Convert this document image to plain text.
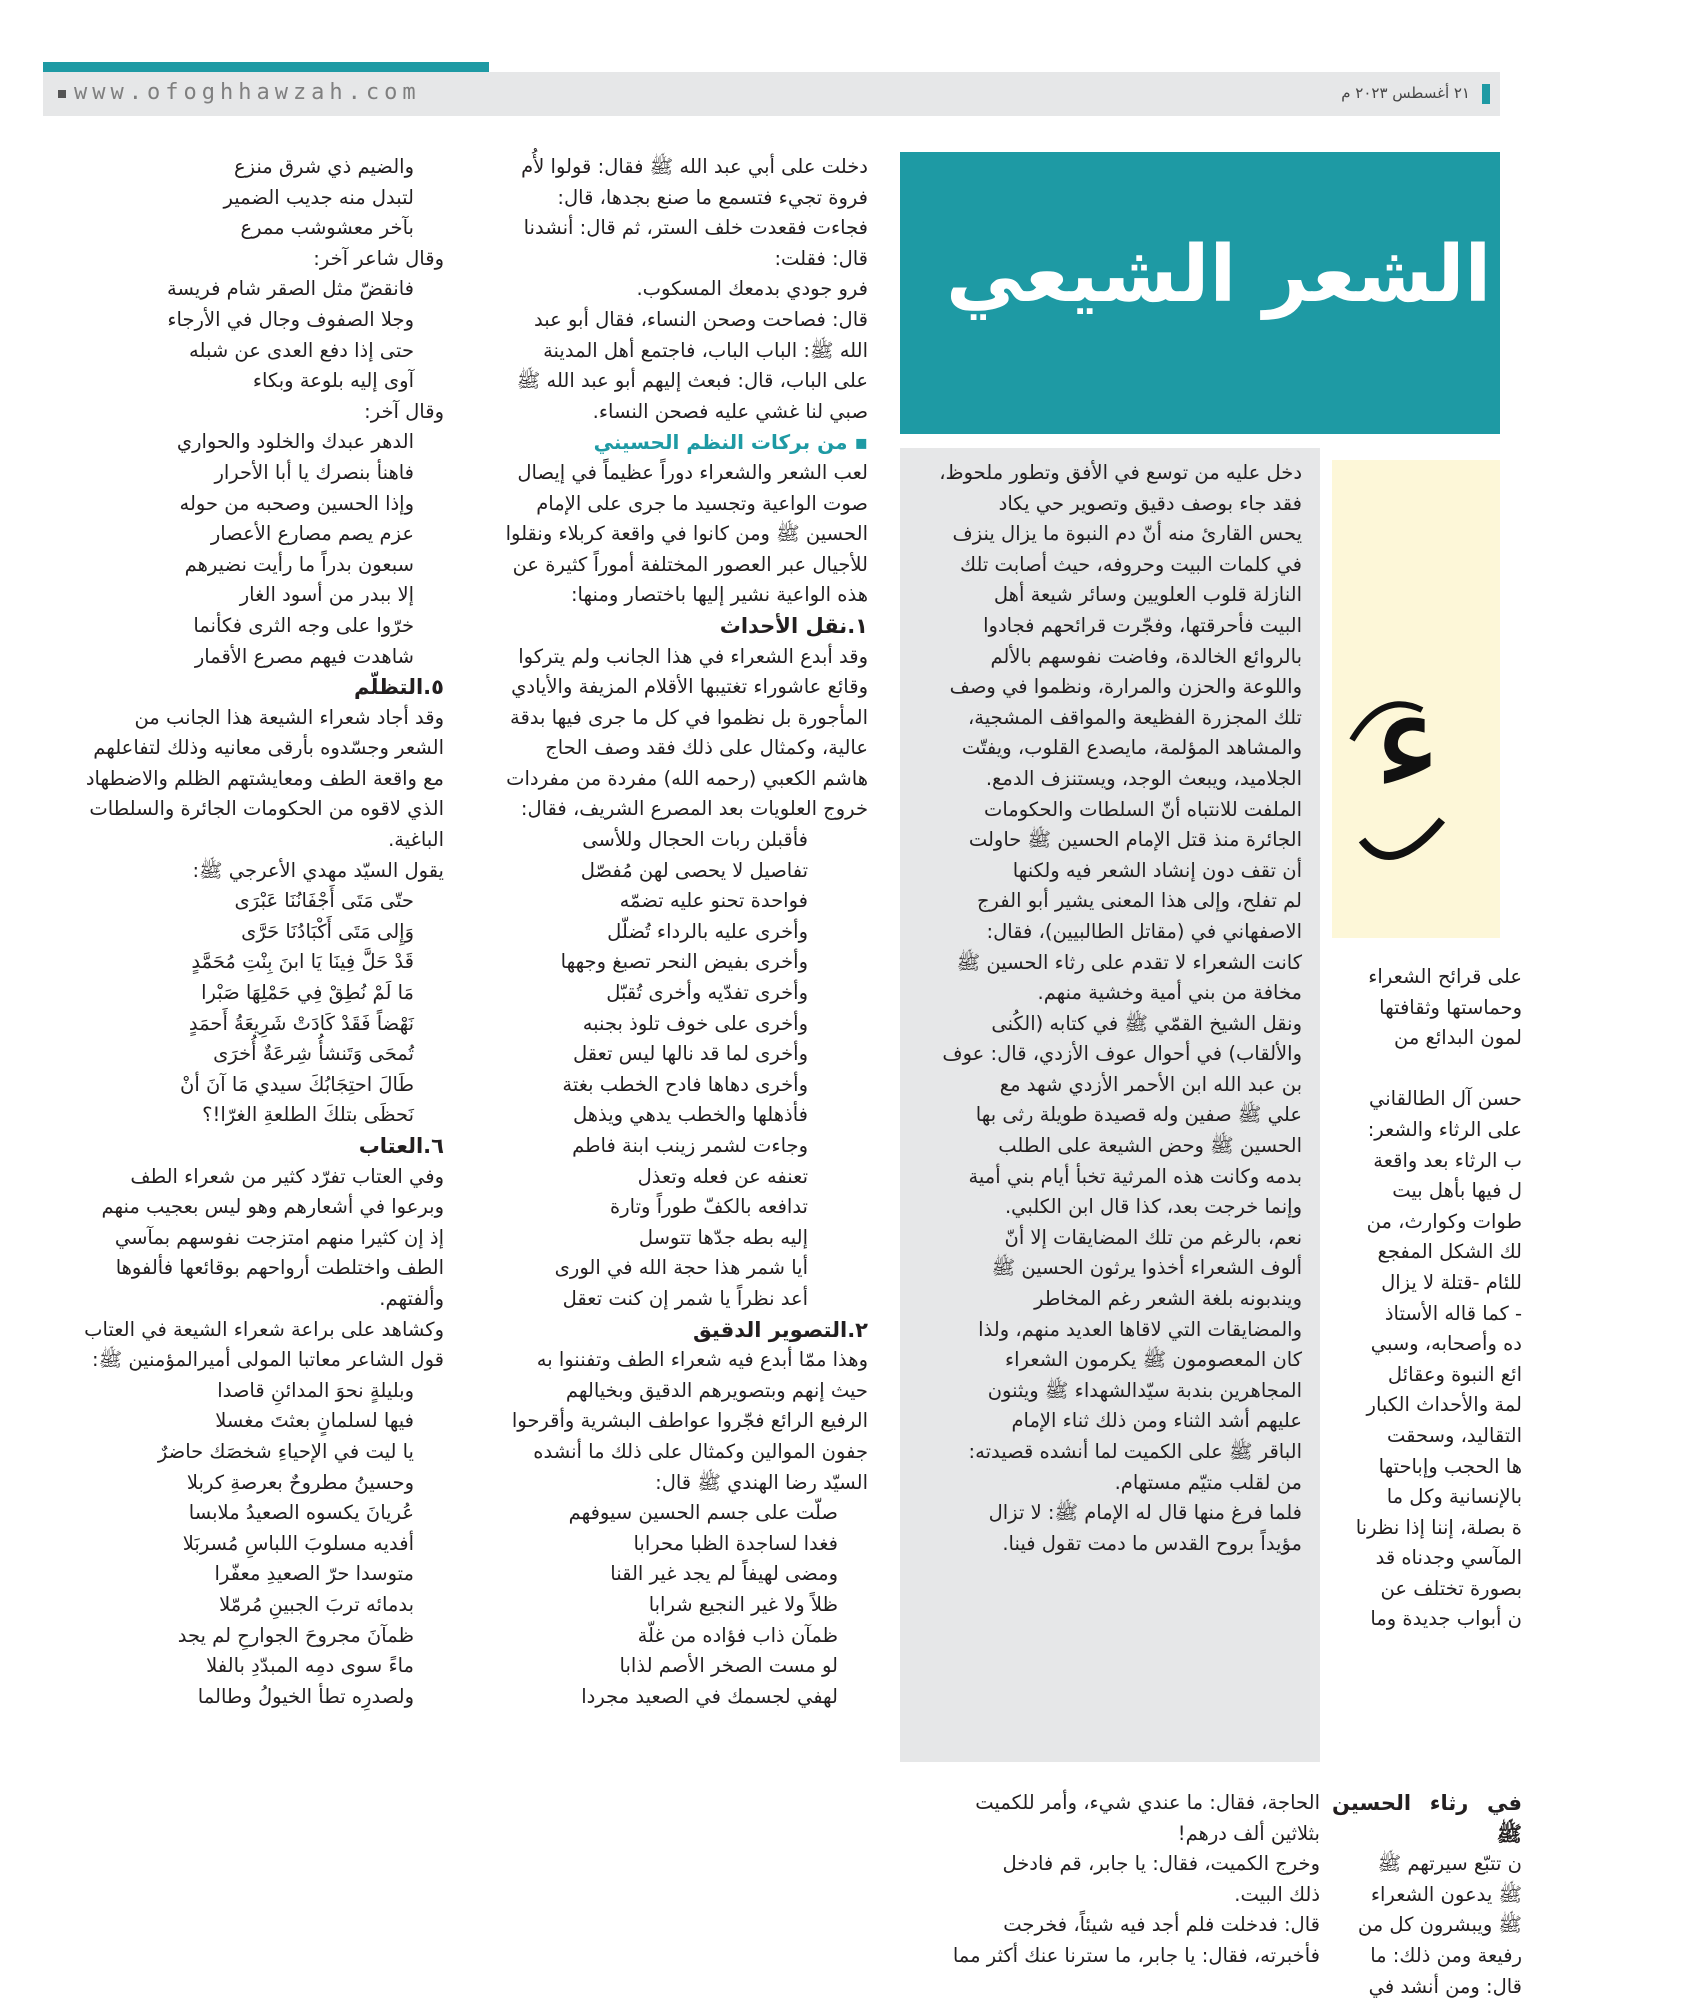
www.ofoghhawzah.com	٢١ أغسطس ٢٠٢٣ م
علی الشعر الشيعي
ء

دخل عليه من توسع في الأفق وتطور ملحوظ،

فقد جاء بوصف دقيق وتصوير حي يكاد

يحس القارئ منه أنّ دم النبوة ما يزال ينزف

في كلمات البيت وحروفه، حيث أصابت تلك

النازلة قلوب العلويين وسائر شيعة أهل

البيت فأحرقتها، وفجّرت قرائحهم فجادوا

بالروائع الخالدة، وفاضت نفوسهم بالألم

واللوعة والحزن والمرارة، ونظموا في وصف

تلك المجزرة الفظيعة والمواقف المشجية،

والمشاهد المؤلمة، مايصدع القلوب، ويفتّت

الجلاميد، ويبعث الوجد، ويستنزف الدمع.

الملفت للانتباه أنّ السلطات والحكومات

الجائرة منذ قتل الإمام الحسين ﷺ حاولت

أن تقف دون إنشاد الشعر فيه ولكنها

لم تفلح، وإلى هذا المعنى يشير أبو الفرج

الاصفهاني في (مقاتل الطالبيين)، فقال:

كانت الشعراء لا تقدم على رثاء الحسين ﷺ

مخافة من بني أمية وخشية منهم.

ونقل الشيخ القمّي ﷺ في كتابه (الكُنى

والألقاب) في أحوال عوف الأزدي، قال: عوف

بن عبد الله ابن الأحمر الأزدي شهد مع

علي ﷺ صفين وله قصيدة طويلة رثى بها

الحسين ﷺ وحض الشيعة على الطلب

بدمه وكانت هذه المرثية تخبأ أيام بني أمية

وإنما خرجت بعد، كذا قال ابن الكلبي.

نعم، بالرغم من تلك المضايقات إلا أنّ

ألوف الشعراء أخذوا يرثون الحسين ﷺ

ويندبونه بلغة الشعر رغم المخاطر

والمضايقات التي لاقاها العديد منهم، ولذا

كان المعصومون ﷺ يكرمون الشعراء

المجاهرين بندبة سيّدالشهداء ﷺ ويثنون

عليهم أشد الثناء ومن ذلك ثناء الإمام

الباقر ﷺ على الكميت لما أنشده قصيدته:

من لقلب متيّم مستهام.

فلما فرغ منها قال له الإمام ﷺ: لا تزال

مؤيداً بروح القدس ما دمت تقول فينا.

دخلت على أبي عبد الله ﷺ فقال: قولوا لأُم

فروة تجيء فتسمع ما صنع بجدها، قال:

فجاءت فقعدت خلف الستر، ثم قال: أنشدنا

قال: فقلت:

فرو جودي بدمعك المسكوب.

قال: فصاحت وصحن النساء، فقال أبو عبد

الله ﷺ: الباب الباب، فاجتمع أهل المدينة

على الباب، قال: فبعث إليهم أبو عبد الله ﷺ

صبي لنا غشي عليه فصحن النساء.

▪ من بركات النظم الحسيني

لعب الشعر والشعراء دوراً عظيماً في إيصال

صوت الواعية وتجسيد ما جرى على الإمام

الحسين ﷺ ومن كانوا في واقعة كربلاء ونقلوا

للأجيال عبر العصور المختلفة أموراً كثيرة عن

هذه الواعية نشير إليها باختصار ومنها:

١.نقل الأحداث

وقد أبدع الشعراء في هذا الجانب ولم يتركوا

وقائع عاشوراء تغتيبها الأقلام المزيفة والأيادي

المأجورة بل نظموا في كل ما جرى فيها بدقة

عالية، وكمثال على ذلك فقد وصف الحاج

هاشم الكعبي (رحمه الله) مفردة من مفردات

خروج العلويات بعد المصرع الشريف، فقال:

فأقبلن ربات الحجال وللأسى

تفاصيل لا يحصى لهن مُفصّل

فواحدة تحنو عليه تضمّه

وأخرى عليه بالرداء تُضلّل

وأخرى بفيض النحر تصبغ وجهها

وأخرى تفدّيه وأخرى تُقبّل

وأخرى على خوف تلوذ بجنبه

وأخرى لما قد نالها ليس تعقل

وأخرى دهاها فادح الخطب بغتة

فأذهلها والخطب يدهي ويذهل

وجاءت لشمر زينب ابنة فاطم

تعنفه عن فعله وتعذل

تدافعه بالكفّ طوراً وتارة

إليه بطه جدّها تتوسل

أيا شمر هذا حجة الله في الورى

أعد نظراً يا شمر إن كنت تعقل

٢.التصوير الدقيق

وهذا ممّا أبدع فيه شعراء الطف وتفننوا به

حيث إنهم وبتصويرهم الدقيق وبخيالهم

الرفيع الرائع فجّروا عواطف البشرية وأقرحوا

جفون الموالين وكمثال على ذلك ما أنشده

السيّد رضا الهندي ﷺ قال:

صلّت على جسم الحسين سيوفهم

فغدا لساجدة الظبا محرابا

ومضى لهيفاً لم يجد غير القنا

ظلاً ولا غير النجيع شرابا

ظمآن ذاب فؤاده من غلّة

لو مست الصخر الأصم لذابا

لهفي لجسمك في الصعيد مجردا

والضيم ذي شرق منزع

لتبدل منه جديب الضمير

بآخر معشوشب ممرع

وقال شاعر آخر:

فانقضّ مثل الصقر شام فريسة

وجلا الصفوف وجال في الأرجاء

حتى إذا دفع العدى عن شبله

آوى إليه بلوعة وبكاء

وقال آخر:

الدهر عبدك والخلود والحواري

فاهنأ بنصرك يا أبا الأحرار

وإذا الحسين وصحبه من حوله

عزم يصم مصارع الأعصار

سبعون بدراً ما رأيت نضيرهم

إلا ببدر من أسود الغار

خرّوا على وجه الثرى فكأنما

شاهدت فيهم مصرع الأقمار

٥.التظلّم

وقد أجاد شعراء الشيعة هذا الجانب من

الشعر وجسّدوه بأرقى معانيه وذلك لتفاعلهم

مع واقعة الطف ومعايشتهم الظلم والاضطهاد

الذي لاقوه من الحكومات الجائرة والسلطات

الباغية.

يقول السيّد مهدي الأعرجي ﷺ:

حتّى مَتَى أَجْفَانُنَا عَبْرَى

وَإِلى مَتَى أَكْبَادُنَا حَرَّى

قَدْ حَلَّ فِينَا يَا ابنَ بِنْتِ مُحَمَّدٍ

مَا لَمْ نُطِقْ فِي حَمْلِهَا صَبْرا

نَهْضاً فَقَدْ كَادَتْ شَرِيعَةُ أَحمَدٍ

تُمحَى وَتَنشأُ شِرعَةٌ أُخرَى

طَالَ احتِجَابُكَ سيدي مَا آنَ أنْ

نَحظَى بتلكَ الطلعةِ الغرّا!؟

٦.العتاب

وفي العتاب تفرّد كثير من شعراء الطف

وبرعوا في أشعارهم وهو ليس بعجيب منهم

إذ إن كثيرا منهم امتزجت نفوسهم بمآسي

الطف واختلطت أرواحهم بوقائعها فألفوها

وألفتهم.

وكشاهد على براعة شعراء الشيعة في العتاب

قول الشاعر معاتبا المولى أميرالمؤمنين ﷺ:

وبليلةٍ نحوَ المدائنِ قاصدا

فيها لسلمانٍ بعثتَ مغسلا

يا ليت في الإحياءِ شخصَك حاضرٌ

وحسينُ مطروحٌ بعرصةِ كربلا

عُريانَ يكسوه الصعيدُ ملابسا

أفديه مسلوبَ اللباسِ مُسربَلا

متوسدا حرّ الصعيدِ معفّرا

بدمائه تربَ الجبينِ مُرمّلا

ظمآنَ مجروحَ الجوارحِ لم يجد

ماءً سوى دمِه المبدّدِ بالفلا

ولصدرِه تطأ الخيولُ وطالما

على قرائح الشعراء

وحماستها وثقافتها

لمون البدائع من

حسن آل الطالقاني

على الرثاء والشعر:

ب الرثاء بعد واقعة

ل فيها بأهل بيت

طوات وكوارث، من

لك الشكل المفجع

للئام -قتلة لا يزال

- كما قاله الأستاذ

ده وأصحابه، وسبي

ائع النبوة وعقائل

لمة والأحداث الكبار

التقاليد، وسحقت

ها الحجب وإباحتها

بالإنسانية وكل ما

ة بصلة، إننا إذا نظرنا

المآسي وجدناه قد

بصورة تختلف عن

ن أبواب جديدة وما

الحاجة، فقال: ما عندي شيء، وأمر للكميت

بثلاثين ألف درهم!

وخرج الكميت، فقال: يا جابر، قم فادخل

ذلك البيت.

قال: فدخلت فلم أجد فيه شيئاً، فخرجت

فأخبرته، فقال: يا جابر، ما سترنا عنك أكثر مما

في رثاء الحسين ﷺ

ن تتبّع سيرتهم ﷺ

ﷺ يدعون الشعراء

ﷺ ويبشرون كل من

رفيعة ومن ذلك: ما

قال: ومن أنشد في
